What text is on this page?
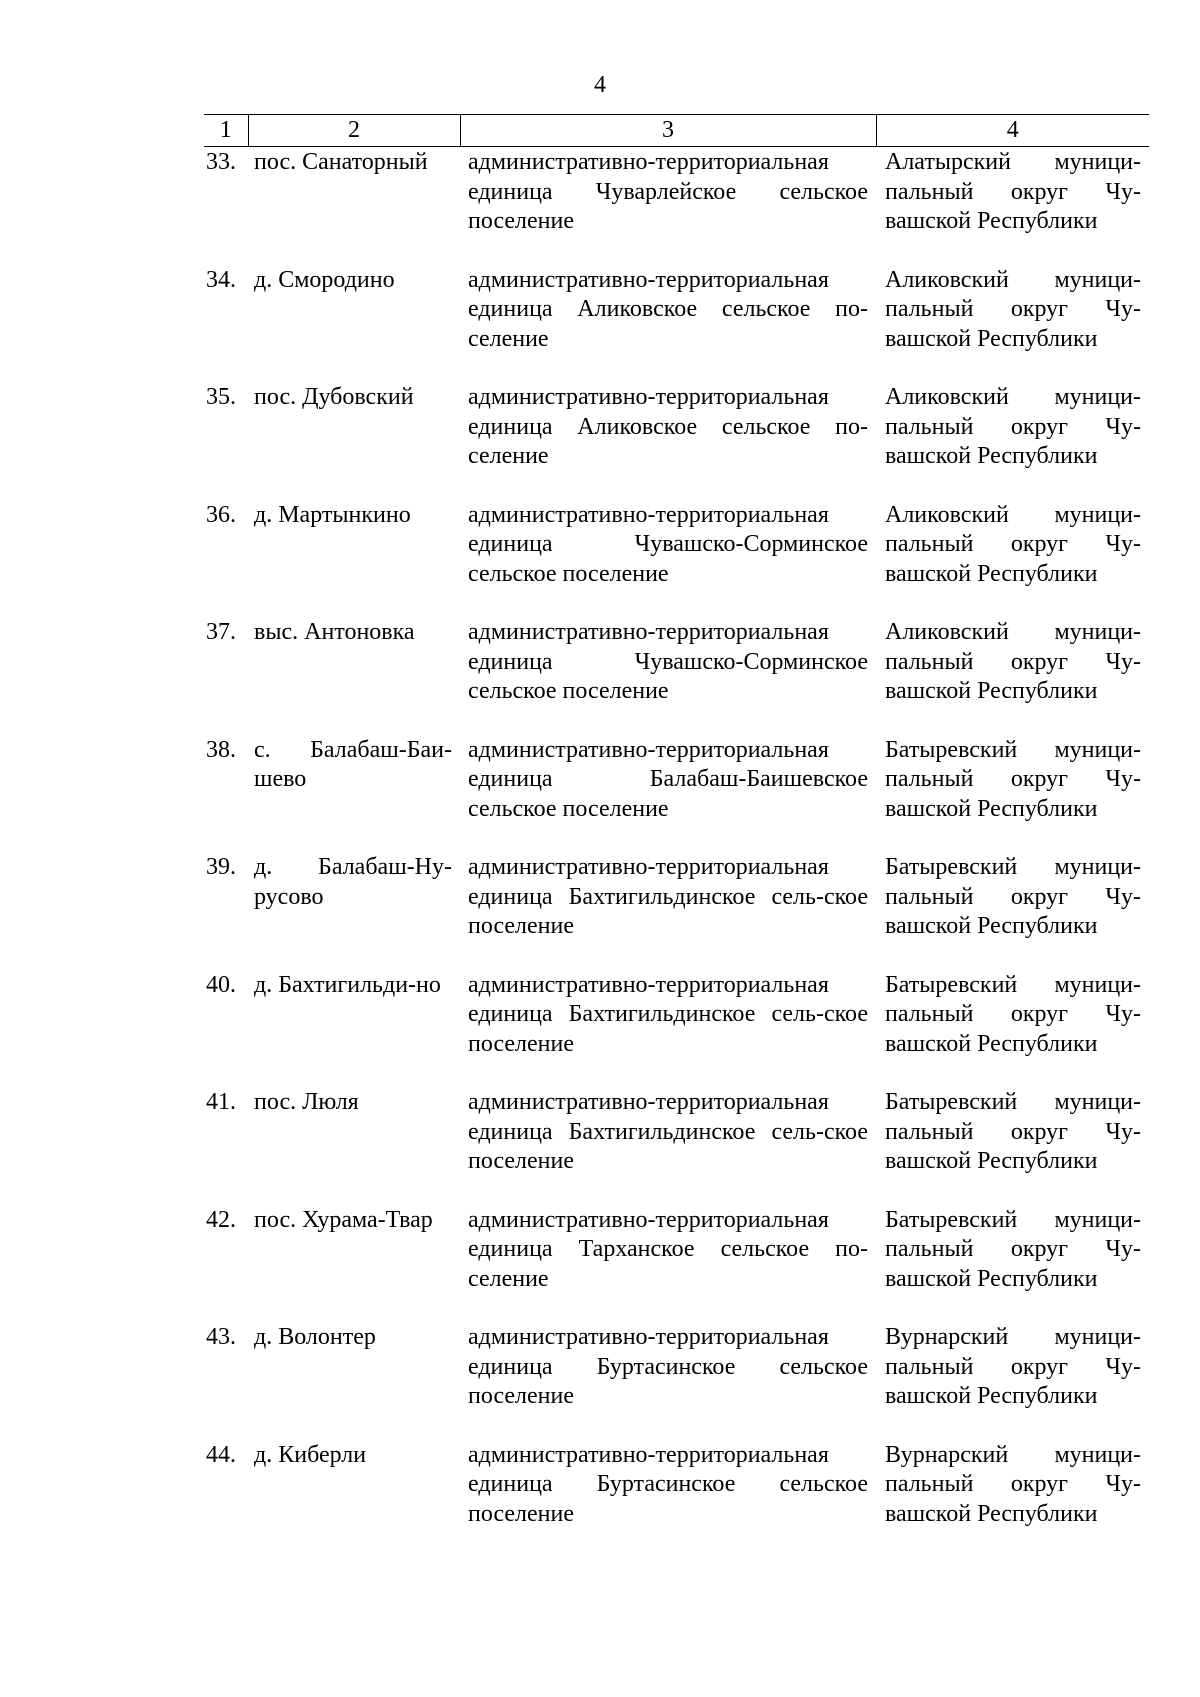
4
1	2	3	4
33.	пос. Санаторный	административно-территориальная единица Чуварлейское сельское поселение	Алатырский муници-пальный округ Чу-вашской Республики
34.	д. Смородино	административно-территориальная единица Аликовское сельское по-селение	Аликовский муници-пальный округ Чу-вашской Республики
35.	пос. Дубовский	административно-территориальная единица Аликовское сельское по-селение	Аликовский муници-пальный округ Чу-вашской Республики
36.	д. Мартынкино	административно-территориальная единица Чувашско-Сорминское сельское поселение	Аликовский муници-пальный округ Чу-вашской Республики
37.	выс. Антоновка	административно-территориальная единица Чувашско-Сорминское сельское поселение	Аликовский муници-пальный округ Чу-вашской Республики
38.	с. Балабаш-Баи-шево	административно-территориальная единица Балабаш-Баишевское сельское поселение	Батыревский муници-пальный округ Чу-вашской Республики
39.	д. Балабаш-Ну-русово	административно-территориальная единица Бахтигильдинское сель-ское поселение	Батыревский муници-пальный округ Чу-вашской Республики
40.	д. Бахтигильди-но	административно-территориальная единица Бахтигильдинское сель-ское поселение	Батыревский муници-пальный округ Чу-вашской Республики
41.	пос. Люля	административно-территориальная единица Бахтигильдинское сель-ское поселение	Батыревский муници-пальный округ Чу-вашской Республики
42.	пос. Хурама-Твар	административно-территориальная единица Тарханское сельское по-селение	Батыревский муници-пальный округ Чу-вашской Республики
43.	д. Волонтер	административно-территориальная единица Буртасинское сельское поселение	Вурнарский муници-пальный округ Чу-вашской Республики
44.	д. Киберли	административно-территориальная единица Буртасинское сельское поселение	Вурнарский муници-пальный округ Чу-вашской Республики
